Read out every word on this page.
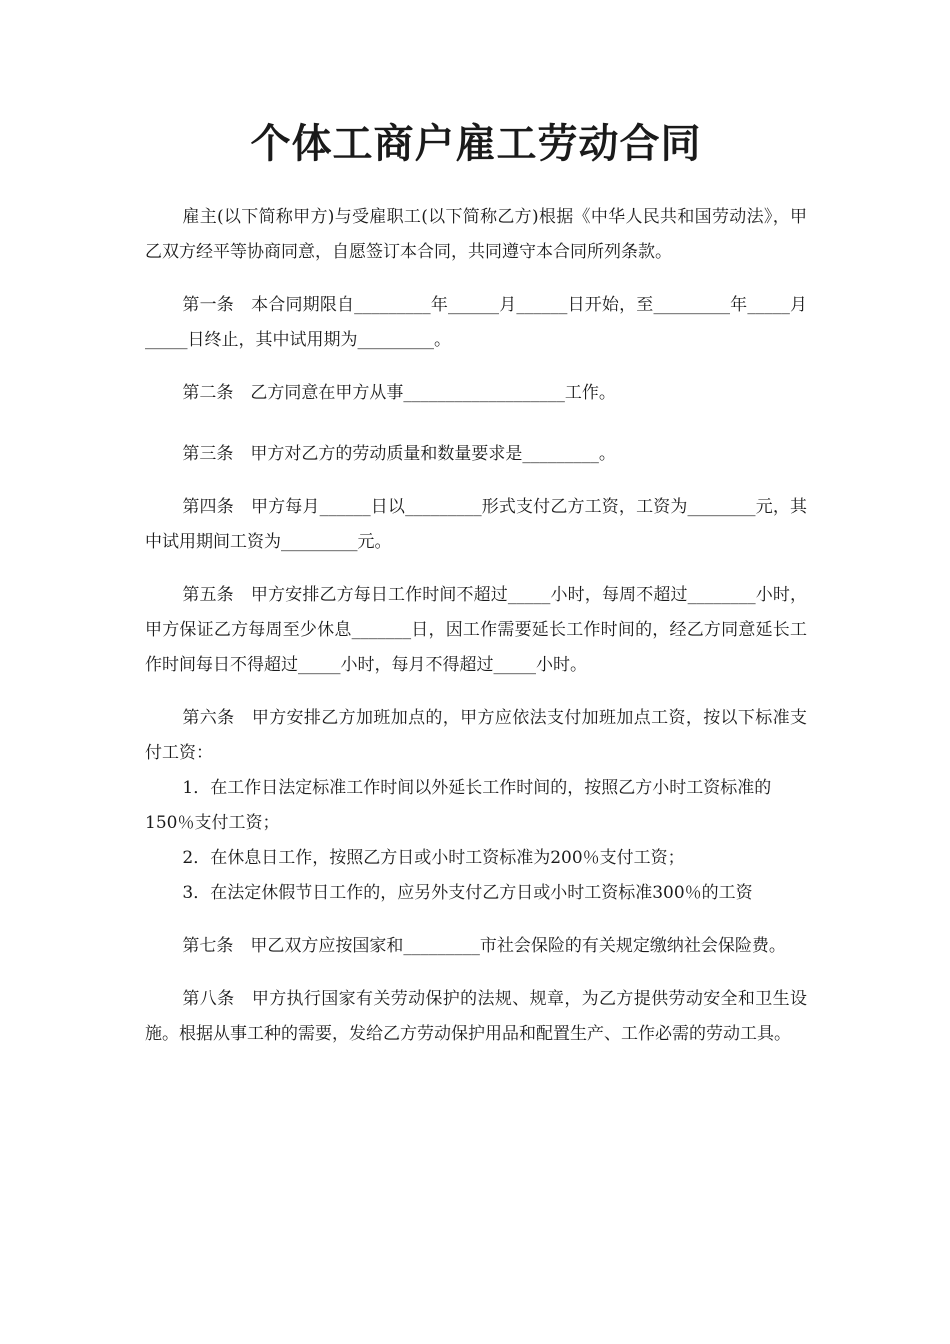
个体工商户雇工劳动合同

雇主(以下简称甲方)与受雇职工(以下简称乙方)根据《中华人民共和国劳动法》，甲乙双方经平等协商同意，自愿签订本合同，共同遵守本合同所列条款。

第一条　本合同期限自_________年______月______日开始，至_________年_____月_____日终止，其中试用期为_________。

第二条　乙方同意在甲方从事___________________工作。

第三条　甲方对乙方的劳动质量和数量要求是_________。

第四条　甲方每月______日以_________形式支付乙方工资，工资为________元，其中试用期间工资为_________元。

第五条　甲方安排乙方每日工作时间不超过_____小时，每周不超过________小时，甲方保证乙方每周至少休息_______日，因工作需要延长工作时间的，经乙方同意延长工作时间每日不得超过_____小时，每月不得超过_____小时。

第六条　甲方安排乙方加班加点的，甲方应依法支付加班加点工资，按以下标准支付工资：

1．在工作日法定标准工作时间以外延长工作时间的，按照乙方小时工资标准的150％支付工资；

2．在休息日工作，按照乙方日或小时工资标准为200％支付工资；

3．在法定休假节日工作的，应另外支付乙方日或小时工资标准300％的工资

第七条　甲乙双方应按国家和_________市社会保险的有关规定缴纳社会保险费。

第八条　甲方执行国家有关劳动保护的法规、规章，为乙方提供劳动安全和卫生设施。根据从事工种的需要，发给乙方劳动保护用品和配置生产、工作必需的劳动工具。
